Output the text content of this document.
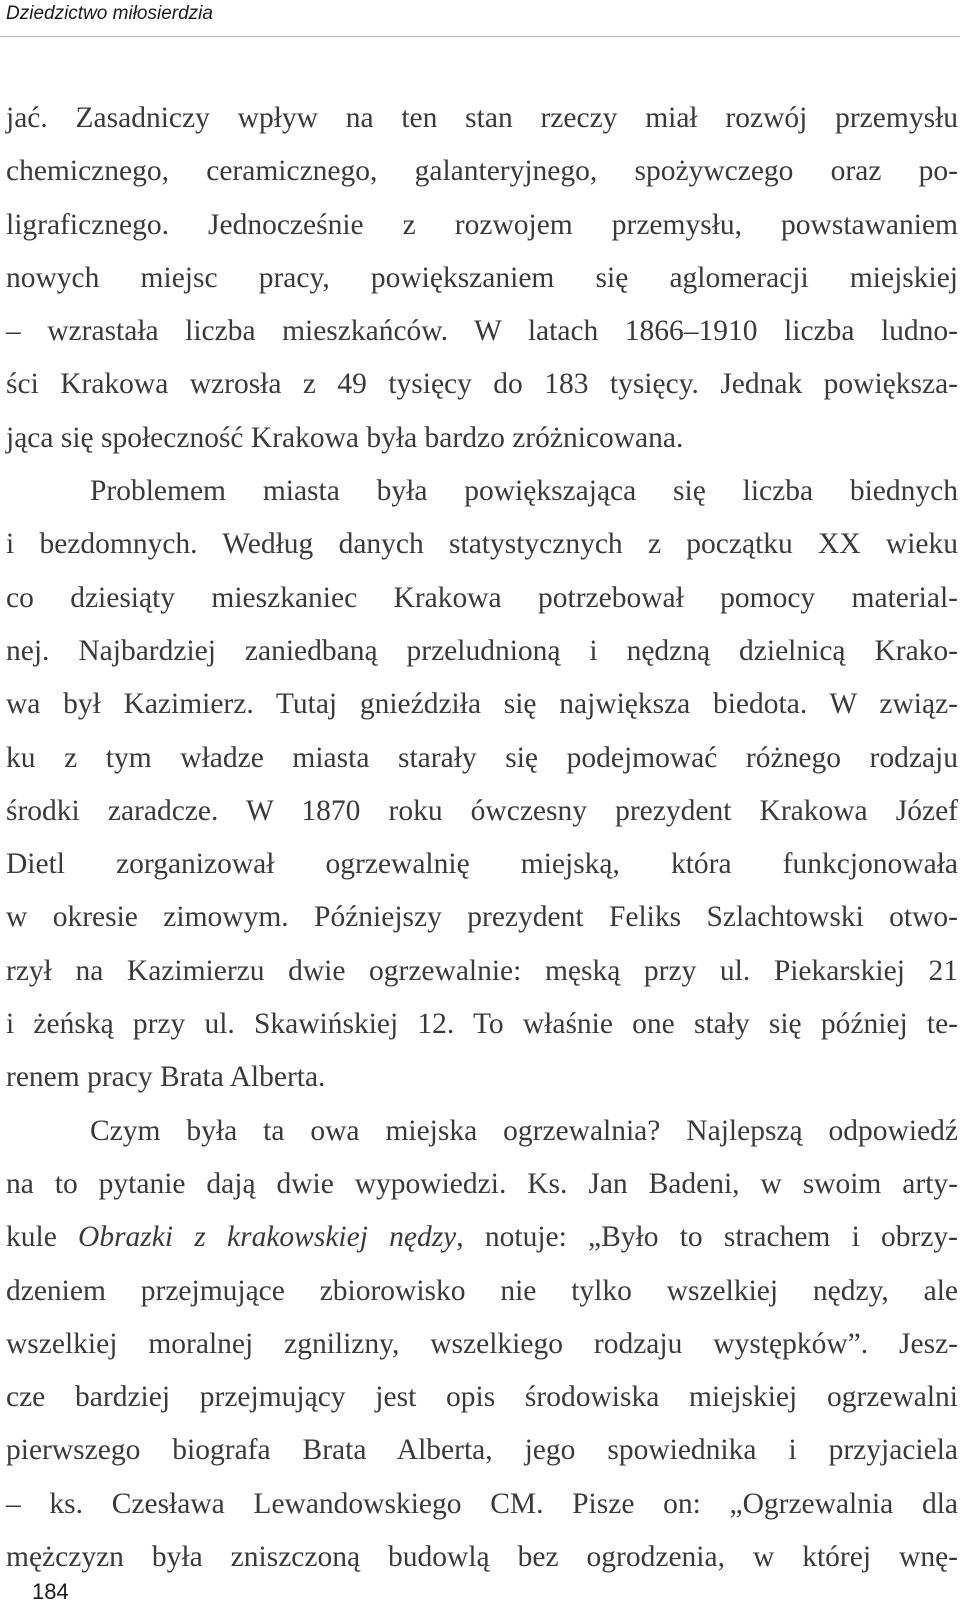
Dziedzictwo miłosierdzia
jać. Zasadniczy wpływ na ten stan rzeczy miał rozwój przemysłu
chemicznego, ceramicznego, galanteryjnego, spożywczego oraz po-
ligraficznego. Jednocześnie z rozwojem przemysłu, powstawaniem
nowych miejsc pracy, powiększaniem się aglomeracji miejskiej
– wzrastała liczba mieszkańców. W latach 1866–1910 liczba ludno-
ści Krakowa wzrosła z 49 tysięcy do 183 tysięcy. Jednak powiększa-
jąca się społeczność Krakowa była bardzo zróżnicowana.
Problemem miasta była powiększająca się liczba biednych
i bezdomnych. Według danych statystycznych z początku XX wieku
co dziesiąty mieszkaniec Krakowa potrzebował pomocy material-
nej. Najbardziej zaniedbaną przeludnioną i nędzną dzielnicą Krako-
wa był Kazimierz. Tutaj gnieździła się największa biedota. W związ-
ku z tym władze miasta starały się podejmować różnego rodzaju
środki zaradcze. W 1870 roku ówczesny prezydent Krakowa Józef
Dietl zorganizował ogrzewalnię miejską, która funkcjonowała
w okresie zimowym. Późniejszy prezydent Feliks Szlachtowski otwo-
rzył na Kazimierzu dwie ogrzewalnie: męską przy ul. Piekarskiej 21
i żeńską przy ul. Skawińskiej 12. To właśnie one stały się później te-
renem pracy Brata Alberta.
Czym była ta owa miejska ogrzewalnia? Najlepszą odpowiedź
na to pytanie dają dwie wypowiedzi. Ks. Jan Badeni, w swoim arty-
kule Obrazki z krakowskiej nędzy, notuje: „Było to strachem i obrzy-
dzeniem przejmujące zbiorowisko nie tylko wszelkiej nędzy, ale
wszelkiej moralnej zgnilizny, wszelkiego rodzaju występków”. Jesz-
cze bardziej przejmujący jest opis środowiska miejskiej ogrzewalni
pierwszego biografa Brata Alberta, jego spowiednika i przyjaciela
– ks. Czesława Lewandowskiego CM. Pisze on: „Ogrzewalnia dla
mężczyzn była zniszczoną budowlą bez ogrodzenia, w której wnę-
184
